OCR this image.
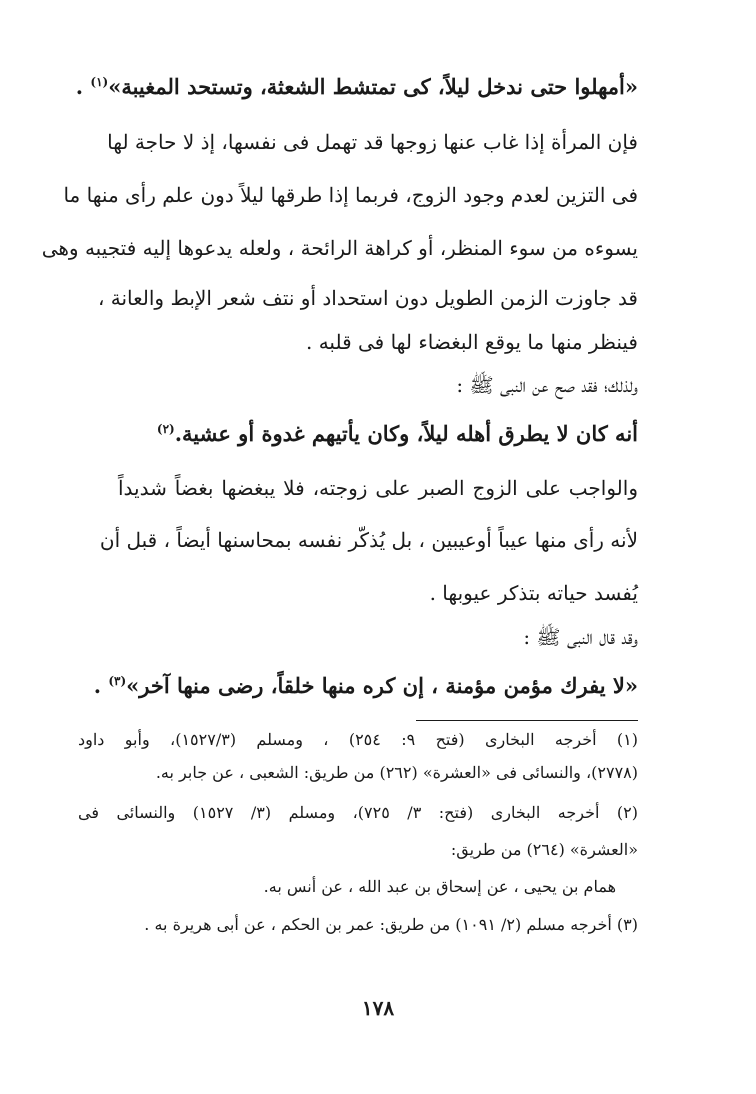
«أمهلوا حتى ندخل ليلاً، كى تمتشط الشعثة، وتستحد المغيبة»$^{(١)}$ .
فإن المرأة إذا غاب عنها زوجها قد تهمل فى نفسها، إذ لا حاجة لها
فى التزين لعدم وجود الزوج، فربما إذا طرقها ليلاً دون علم رأى منها ما
يسوءه من سوء المنظر، أو كراهة الرائحة ، ولعله يدعوها إليه فتجيبه وهى
قد جاوزت الزمن الطويل دون استحداد أو نتف شعر الإبط والعانة ،
فينظر منها ما يوقع البغضاء لها فى قلبه .
ولذلك؛ فقد صح عن النبى ﷺ :
أنه كان لا يطرق أهله ليلاً، وكان يأتيهم غدوة أو عشية.$^{(٢)}$
والواجب على الزوج الصبر على زوجته، فلا يبغضها بغضاً شديداً
لأنه رأى منها عيباً أوعيبين ، بل يُذكّر نفسه بمحاسنها أيضاً ، قبل أن
يُفسد حياته بتذكر عيوبها .
وقد قال النبى ﷺ :
«لا يفرك مؤمن مؤمنة ، إن كره منها خلقاً، رضى منها آخر»$^{(٣)}$ .
(١) أخرجه البخارى (فتح ٩: ٢٥٤) ، ومسلم (١٥٢٧/٣)، وأبو داود
(٢٧٧٨)، والنسائى فى «العشرة» (٢٦٢) من طريق: الشعبى ، عن جابر به.
(٢) أخرجه البخارى (فتح: ٣/ ٧٢٥)، ومسلم (٣/ ١٥٢٧) والنسائى فى
«العشرة» (٢٦٤) من طريق:
همام بن يحيى ، عن إسحاق بن عبد الله ، عن أنس به.
(٣) أخرجه مسلم (٢/ ١٠٩١) من طريق: عمر بن الحكم ، عن أبى هريرة به .
١٧٨
